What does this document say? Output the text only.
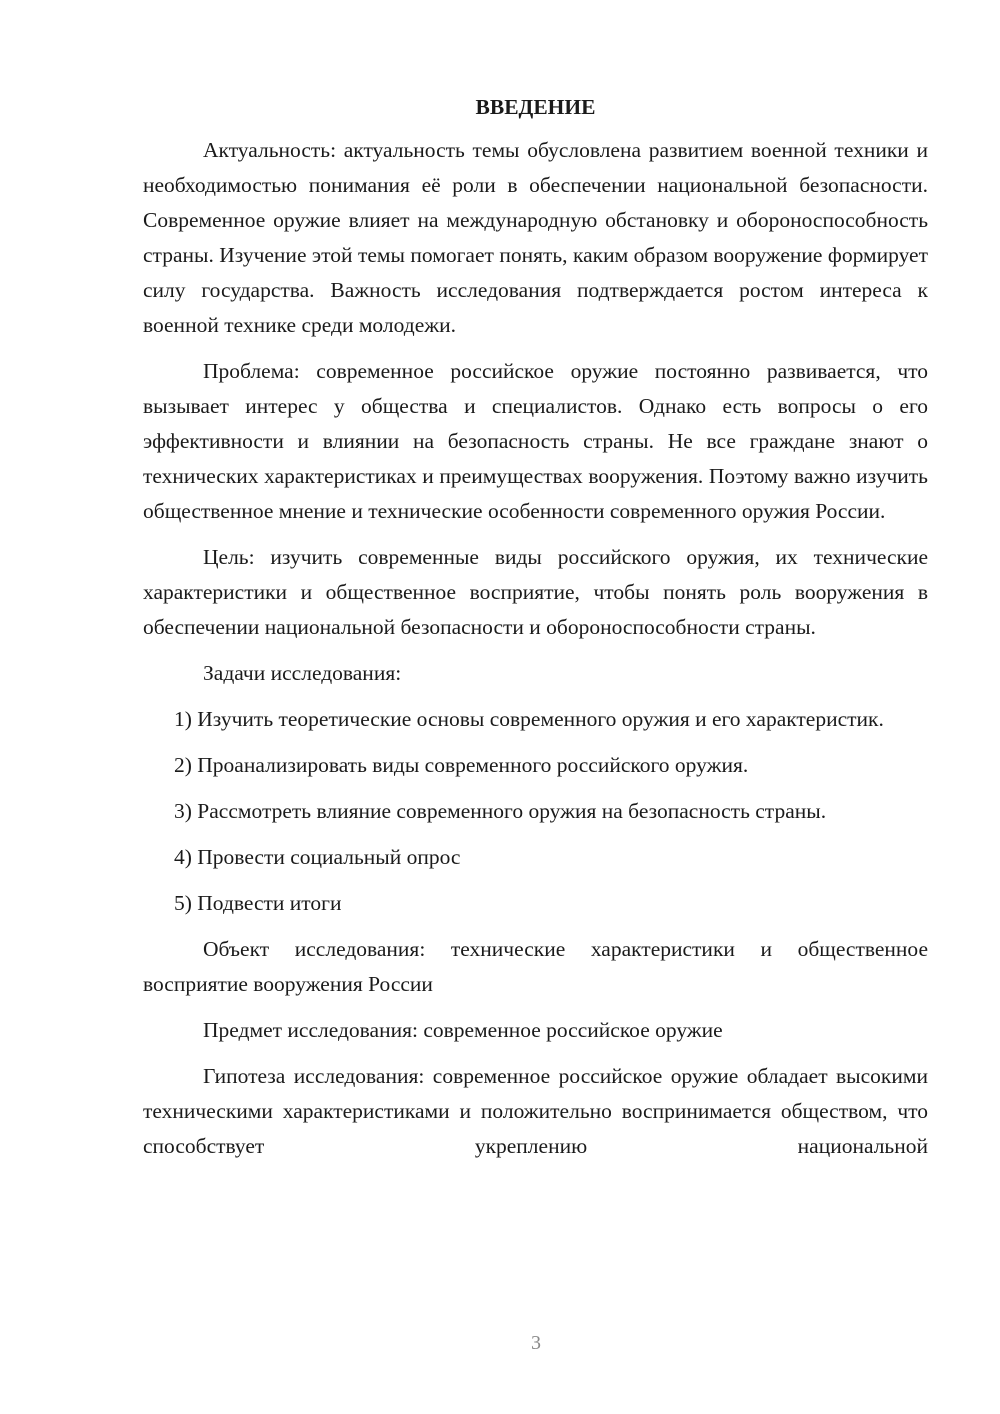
ВВЕДЕНИЕ

Актуальность: актуальность темы обусловлена развитием военной техники и необходимостью понимания её роли в обеспечении национальной безопасности. Современное оружие влияет на международную обстановку и обороноспособность страны. Изучение этой темы помогает понять, каким образом вооружение формирует силу государства. Важность исследования подтверждается ростом интереса к военной технике среди молодежи.

Проблема: современное российское оружие постоянно развивается, что вызывает интерес у общества и специалистов. Однако есть вопросы о его эффективности и влиянии на безопасность страны. Не все граждане знают о технических характеристиках и преимуществах вооружения. Поэтому важно изучить общественное мнение и технические особенности современного оружия России.

Цель: изучить современные виды российского оружия, их технические характеристики и общественное восприятие, чтобы понять роль вооружения в обеспечении национальной безопасности и обороноспособности страны.

Задачи исследования:

1) Изучить теоретические основы современного оружия и его характеристик.

2) Проанализировать виды современного российского оружия.

3) Рассмотреть влияние современного оружия на безопасность страны.

4) Провести социальный опрос

5) Подвести итоги

Объект исследования: технические характеристики и общественное восприятие вооружения России

Предмет исследования: современное российское оружие

Гипотеза исследования: современное российское оружие обладает высокими техническими характеристиками и положительно воспринимается обществом, что способствует укреплению национальной

3
